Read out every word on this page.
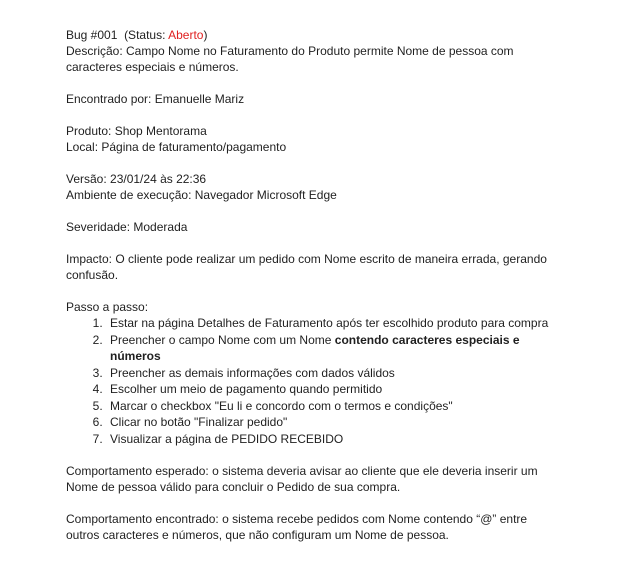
Bug #001 (Status: Aberto)

Descrição: Campo Nome no Faturamento do Produto permite Nome de pessoa com caracteres especiais e números.

Encontrado por: Emanuelle Mariz

Produto: Shop Mentorama

Local: Página de faturamento/pagamento

Versão: 23/01/24 às 22:36

Ambiente de execução: Navegador Microsoft Edge

Severidade: Moderada

Impacto: O cliente pode realizar um pedido com Nome escrito de maneira errada, gerando confusão.

Passo a passo:

1. Estar na página Detalhes de Faturamento após ter escolhido produto para compra
2. Preencher o campo Nome com um Nome contendo caracteres especiais e números
3. Preencher as demais informações com dados válidos
4. Escolher um meio de pagamento quando permitido
5. Marcar o checkbox "Eu li e concordo com o termos e condições"
6. Clicar no botão "Finalizar pedido"
7. Visualizar a página de PEDIDO RECEBIDO

Comportamento esperado: o sistema deveria avisar ao cliente que ele deveria inserir um Nome de pessoa válido para concluir o Pedido de sua compra.

Comportamento encontrado: o sistema recebe pedidos com Nome contendo “@” entre outros caracteres e números, que não configuram um Nome de pessoa.
